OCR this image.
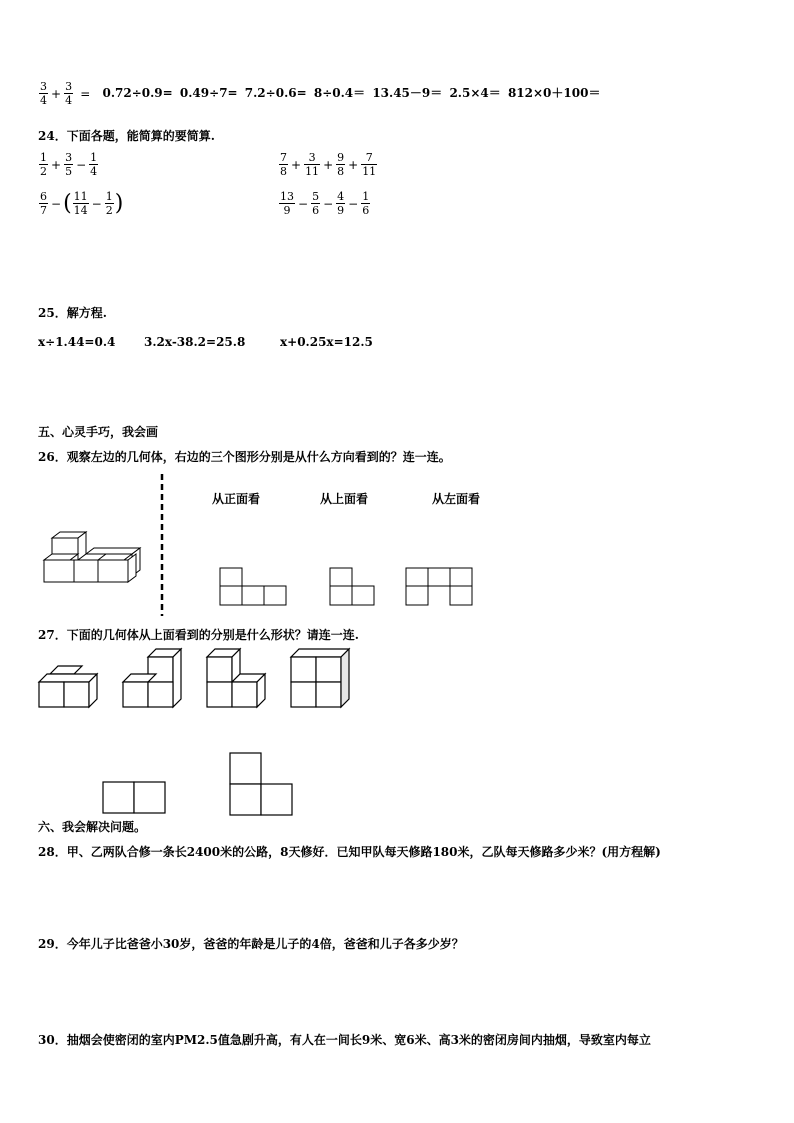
$\frac{3}{4} + \frac{3}{4} = 0.72\div 0.9= 0.49\div 7= 7.2\div 0.6= 8\div 0.4= 13.45-9= 2.5\times 4= 812\times 0+100=$
24．下面各题，能简算的要简算.
$\frac{1}{2} + \frac{3}{5} - \frac{1}{4}$	$\frac{7}{8} + \frac{3}{11} + \frac{9}{8} + \frac{7}{11}$
$\frac{6}{7}$ −( $\frac{11}{14} - \frac{1}{2}$ )	$\frac{13}{9} - \frac{5}{6} - \frac{4}{9} - \frac{1}{6}$
25．解方程.
x÷1.44=0.4 3.2x-38.2=25.8	x+0.25x=12.5
五、心灵手巧，我会画
26．观察左边的几何体，右边的三个图形分别是从什么方向看到的？连一连。
从正面看	从上面看	从左面看
27．下面的几何体从上面看到的分别是什么形状？请连一连.
六、我会解决问题。
28．甲、乙两队合修一条长2400米的公路，8天修好．已知甲队每天修路180米，乙队每天修路多少米？(用方程解)
29．今年儿子比爸爸小30岁，爸爸的年龄是儿子的4倍，爸爸和儿子各多少岁？
30．抽烟会使密闭的室内PM2.5值急剧升高，有人在一间长9米、宽6米、高3米的密闭房间内抽烟，导致室内每立
